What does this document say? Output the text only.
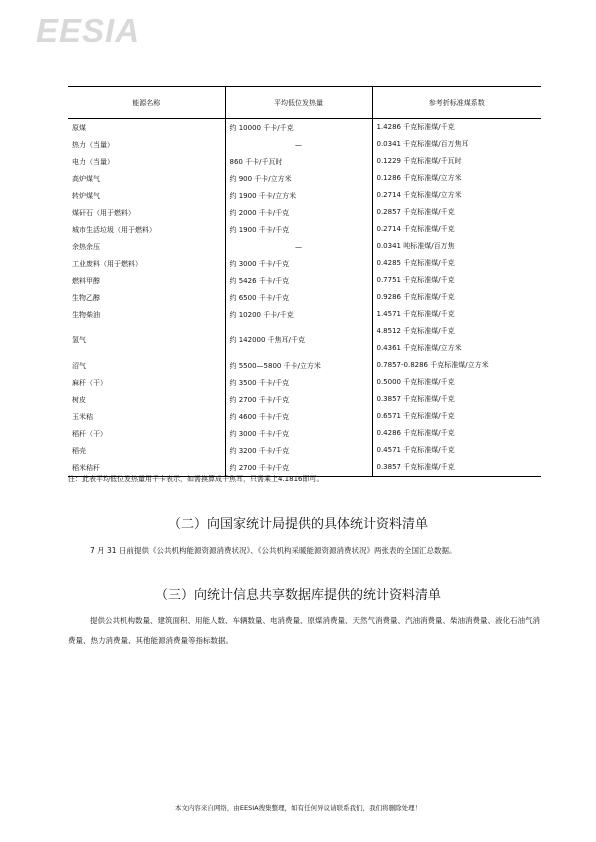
EESIA
能源名称	平均低位发热量	参考折标准煤系数
原煤	约 10000 千卡/千克	1.4286 千克标准煤/千克

热力（当量）	—	0.0341 千克标准煤/百万焦耳

电力（当量）	860 千卡/千瓦时	0.1229 千克标准煤/千瓦时

高炉煤气	约 900 千卡/立方米	0.1286 千克标准煤/立方米

转炉煤气	约 1900 千卡/立方米	0.2714 千克标准煤/立方米

煤矸石（用于燃料）	约 2000 千卡/千克	0.2857 千克标准煤/千克

城市生活垃圾（用于燃料）	约 1900 千卡/千克	0.2714 千克标准煤/千克

余热余压	—	0.0341 吨标准煤/百万焦

工业废料（用于燃料）	约 3000 千卡/千克	0.4285 千克标准煤/千克

燃料甲醇	约 5426 千卡/千克	0.7751 千克标准煤/千克

生物乙醇	约 6500 千卡/千克	0.9286 千克标准煤/千克

生物柴油	约 10200 千卡/千克	1.4571 千克标准煤/千克

氢气	约 142000 千焦耳/千克	4.8512 千克标准煤/千克
0.4361 千克标准煤/立方米

沼气	约 5500—5800 千卡/立方米	0.7857-0.8286 千克标准煤/立方米

麻秆（干）	约 3500 千卡/千克	0.5000 千克标准煤/千克

树皮	约 2700 千卡/千克	0.3857 千克标准煤/千克

玉米秸	约 4600 千卡/千克	0.6571 千克标准煤/千克

稻秆（干）	约 3000 千卡/千克	0.4286 千克标准煤/千克

稻壳	约 3200 千卡/千克	0.4571 千克标准煤/千克

稻米秸秆	约 2700 千卡/千克	0.3857 千克标准煤/千克
注：此表平均低位发热量用千卡表示，如需换算成千焦耳，只需乘上4.1816即可。
（二）向国家统计局提供的具体统计资料清单
7 月 31 日前提供《公共机构能源资源消费状况》、《公共机构采暖能源资源消费状况》两张表的全国汇总数据。
（三）向统计信息共享数据库提供的统计资料清单
提供公共机构数量、建筑面积、用能人数、车辆数量、电消费量、原煤消费量、天然气消费量、汽油消费量、柴油消费量、液化石油气消费量、热力消费量、其他能源消费量等指标数据。
本文内容来自网络，由EESIA搜集整理，如有任何异议请联系我们，我们将删除处理！
